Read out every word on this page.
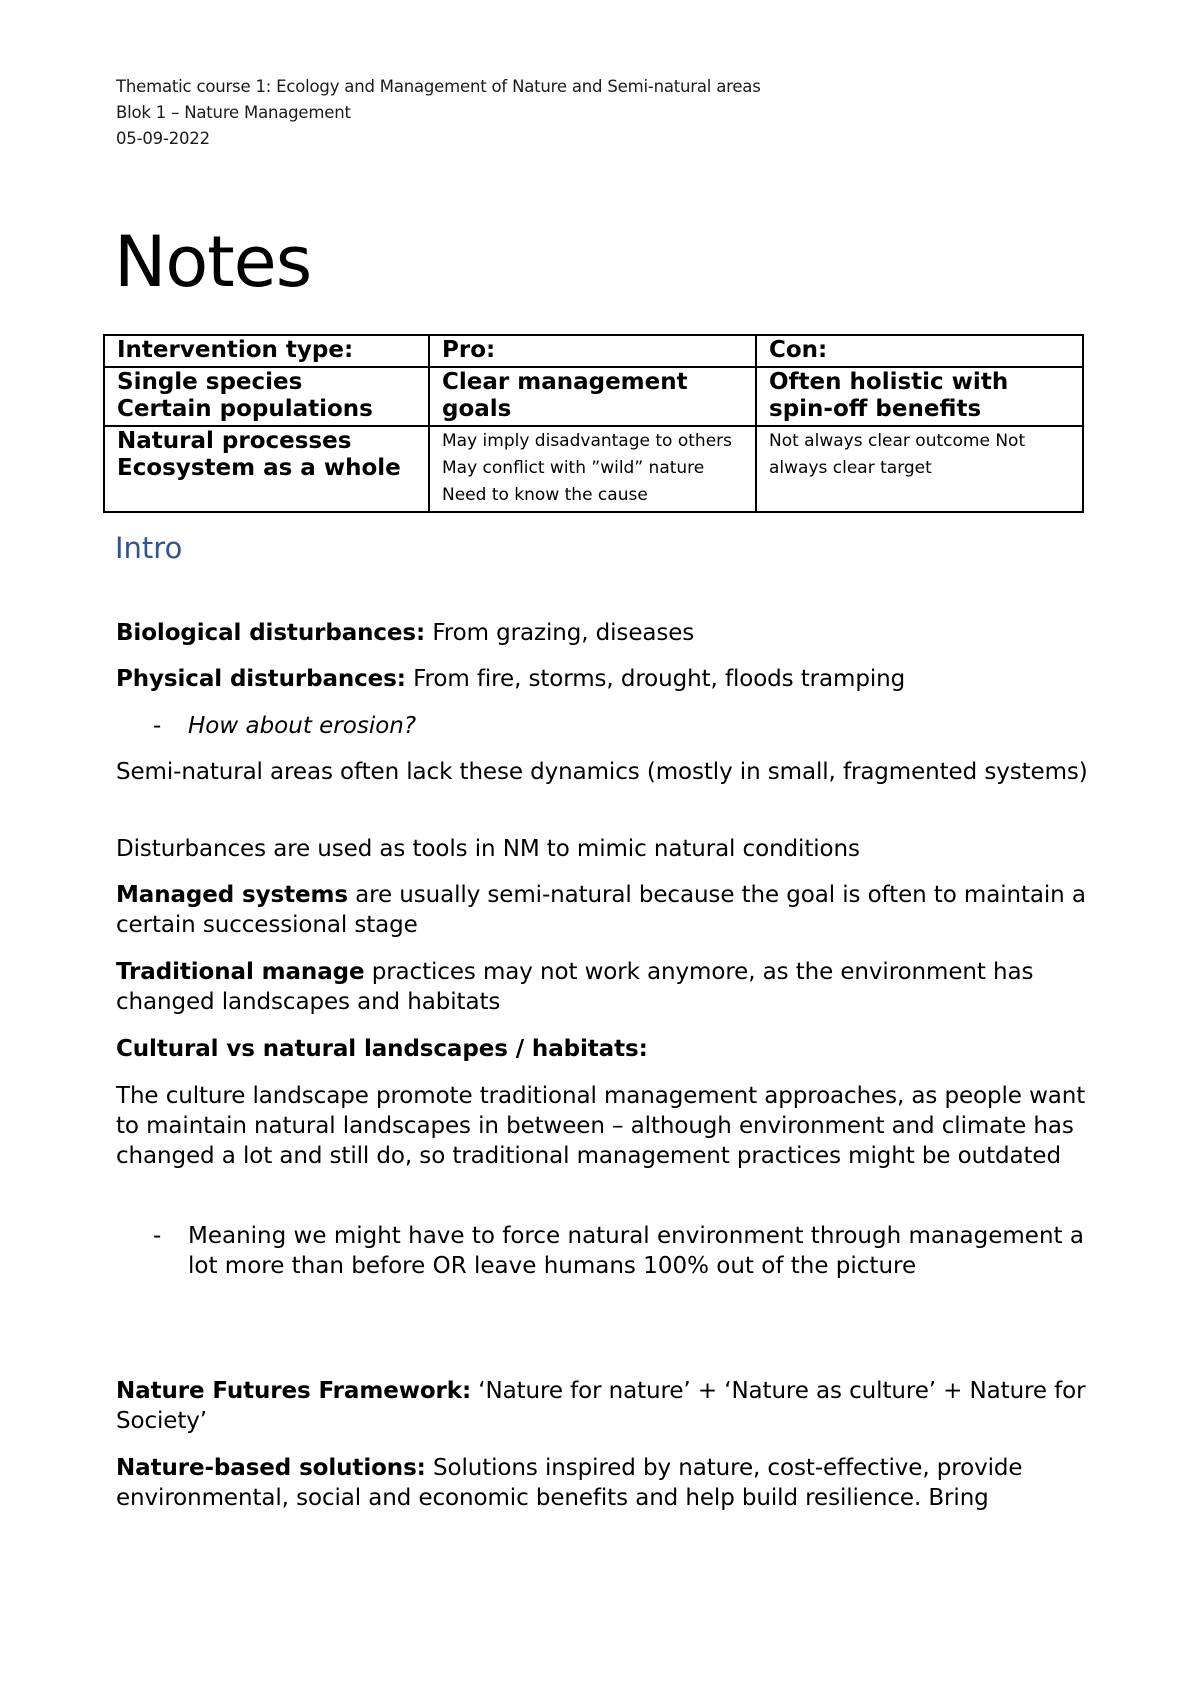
Thematic course 1: Ecology and Management of Nature and Semi-natural areas
Blok 1 – Nature Management
05-09-2022
Notes
Intervention type:	Pro:	Con:

Single species
Certain populations	Clear management goals	Often holistic with spin-off benefits

Natural processes
Ecosystem as a whole	May imply disadvantage to others May conflict with ”wild” nature Need to know the cause	Not always clear outcome Not always clear target
Intro

Biological disturbances: From grazing, diseases

Physical disturbances: From fire, storms, drought, floods tramping

- How about erosion?

Semi-natural areas often lack these dynamics (mostly in small, fragmented systems)

Disturbances are used as tools in NM to mimic natural conditions

Managed systems are usually semi-natural because the goal is often to maintain a certain successional stage

Traditional manage practices may not work anymore, as the environment has changed landscapes and habitats

Cultural vs natural landscapes / habitats:

The culture landscape promote traditional management approaches, as people want to maintain natural landscapes in between – although environment and climate has changed a lot and still do, so traditional management practices might be outdated

- Meaning we might have to force natural environment through management a lot more than before OR leave humans 100% out of the picture

Nature Futures Framework: ‘Nature for nature’ + ‘Nature as culture’ + Nature for Society’

Nature-based solutions: Solutions inspired by nature, cost-effective, provide environmental, social and economic benefits and help build resilience. Bring
